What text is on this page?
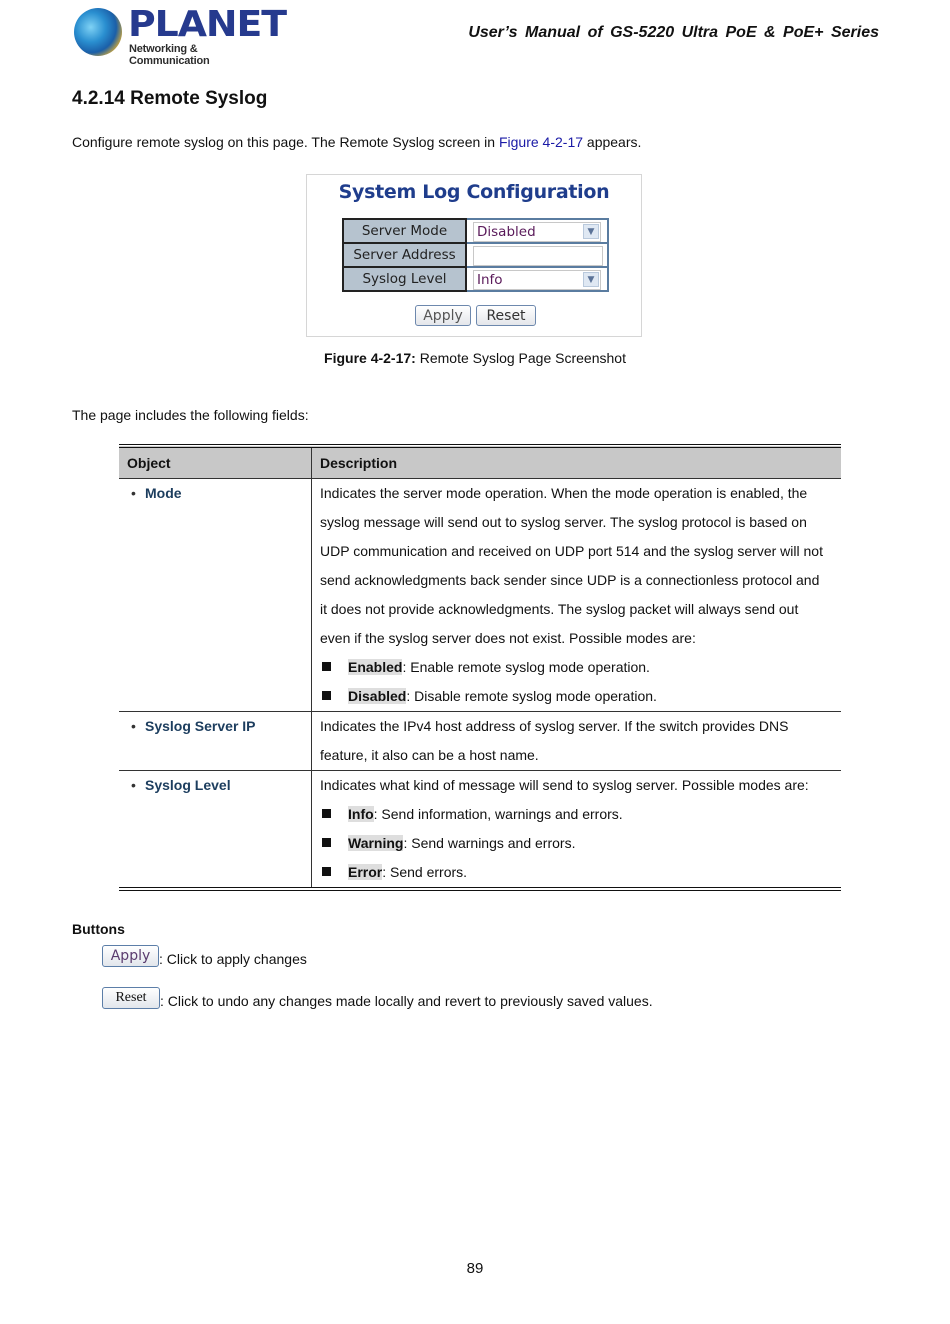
PLANET
Networking & Communication
User’s Manual of GS-5220 Ultra PoE & PoE+ Series
4.2.14 Remote Syslog
Configure remote syslog on this page. The Remote Syslog screen in Figure 4-2-17 appears.
System Log Configuration
Server Mode	Disabled ▼

Server Address	

Syslog Level	Info ▼
Apply	Reset
Figure 4-2-17: Remote Syslog Page Screenshot
The page includes the following fields:
Object	Description

• Mode	Indicates the server mode operation. When the mode operation is enabled, the
syslog message will send out to syslog server. The syslog protocol is based on
UDP communication and received on UDP port 514 and the syslog server will not
send acknowledgments back sender since UDP is a connectionless protocol and
it does not provide acknowledgments. The syslog packet will always send out
even if the syslog server does not exist. Possible modes are:
Enabled: Enable remote syslog mode operation.
Disabled: Disable remote syslog mode operation.

• Syslog Server IP	Indicates the IPv4 host address of syslog server. If the switch provides DNS
feature, it also can be a host name.

• Syslog Level	Indicates what kind of message will send to syslog server. Possible modes are:
Info: Send information, warnings and errors.
Warning: Send warnings and errors.
Error: Send errors.
Buttons
Apply : Click to apply changes
Reset : Click to undo any changes made locally and revert to previously saved values.
89
